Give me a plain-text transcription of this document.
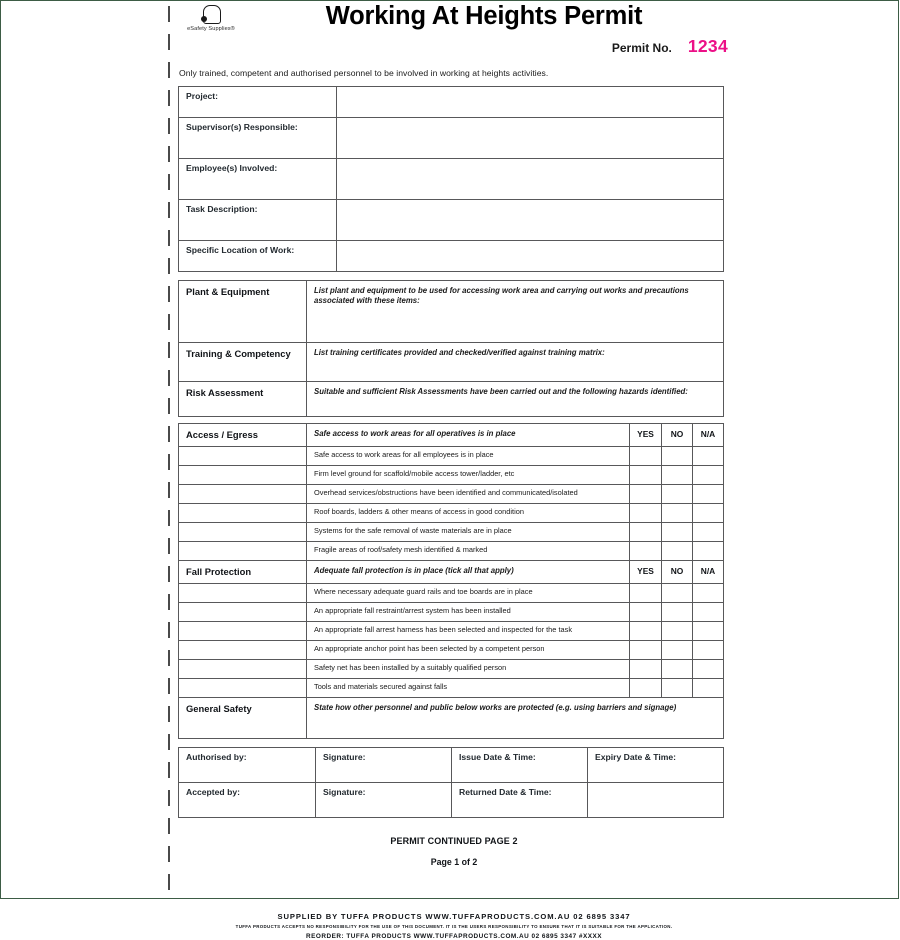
eSafety Supplies®	Working At Heights Permit
Permit No. 1234
Only trained, competent and authorised personnel to be involved in working at heights activities.
Project:	

Supervisor(s) Responsible:	

Employee(s) Involved:	

Task Description:	

Specific Location of Work:	

Plant & Equipment	List plant and equipment to be used for accessing work area and carrying out works and precautions associated with these items:

Training & Competency	List training certificates provided and checked/verified against training matrix:

Risk Assessment	Suitable and sufficient Risk Assessments have been carried out and the following hazards identified:
Access / Egress	Safe access to work areas for all operatives is in place	YES	NO	N/A

	Safe access to work areas for all employees is in place			

	Firm level ground for scaffold/mobile access tower/ladder, etc			

	Overhead services/obstructions have been identified and communicated/isolated			

	Roof boards, ladders & other means of access in good condition			

	Systems for the safe removal of waste materials are in place			

	Fragile areas of roof/safety mesh identified & marked			

Fall Protection	Adequate fall protection is in place (tick all that apply)	YES	NO	N/A

	Where necessary adequate guard rails and toe boards are in place			

	An appropriate fall restraint/arrest system has been installed			

	An appropriate fall arrest harness has been selected and inspected for the task			

	An appropriate anchor point has been selected by a competent person			

	Safety net has been installed by a suitably qualified person			

	Tools and materials secured against falls			

General Safety	State how other personnel and public below works are protected (e.g. using barriers and signage)			
Authorised by:	Signature:	Issue Date & Time:	Expiry Date & Time:

Accepted by:	Signature:	Returned Date & Time:	

PERMIT CONTINUED PAGE 2
Page 1 of 2
SUPPLIED BY TUFFA PRODUCTS WWW.TUFFAPRODUCTS.COM.AU 02 6895 3347
TUFFA PRODUCTS ACCEPTS NO RESPONSIBILITY FOR THE USE OF THIS DOCUMENT. IT IS THE USERS RESPONSIBILITY TO ENSURE THAT IT IS SUITABLE FOR THE APPLICATION.
REORDER: TUFFA PRODUCTS WWW.TUFFAPRODUCTS.COM.AU 02 6895 3347 #XXXX
